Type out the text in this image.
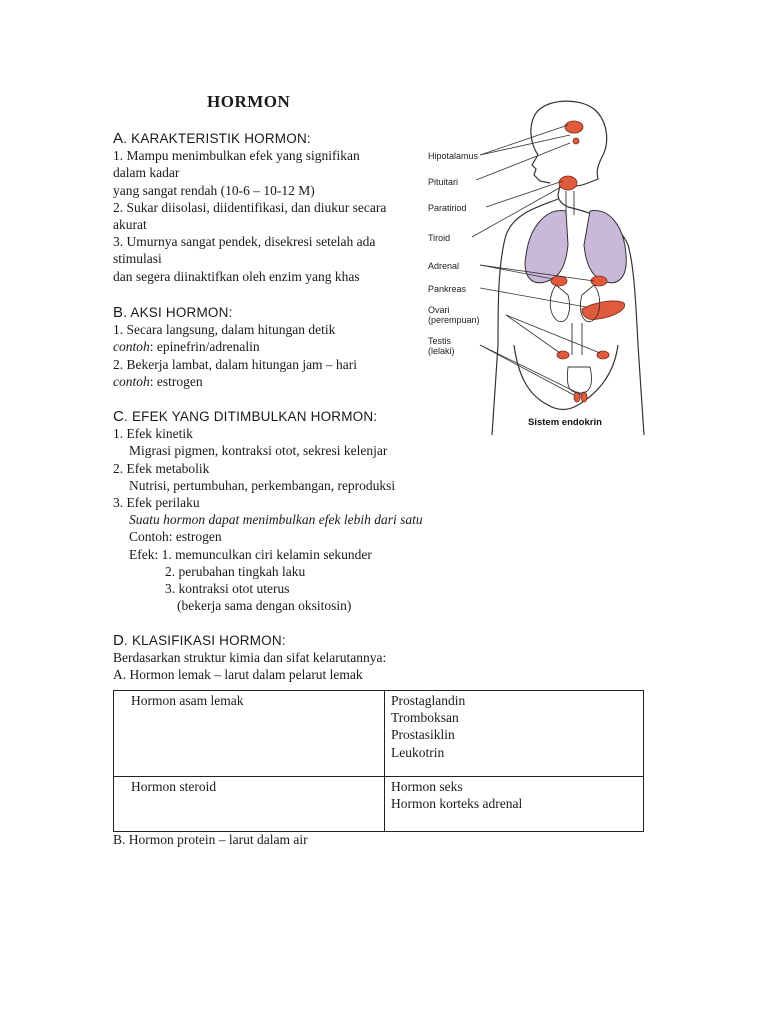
HORMON
A. KARAKTERISTIK HORMON:
1. Mampu menimbulkan efek yang signifikan
dalam kadar
yang sangat rendah (10-6 – 10-12 M)
2. Sukar diisolasi, diidentifikasi, dan diukur secara
akurat
3. Umurnya sangat pendek, disekresi setelah ada
stimulasi
dan segera diinaktifkan oleh enzim yang khas
B. AKSI HORMON:
1. Secara langsung, dalam hitungan detik
contoh: epinefrin/adrenalin
2. Bekerja lambat, dalam hitungan jam – hari
contoh: estrogen
C. EFEK YANG DITIMBULKAN HORMON:
1. Efek kinetik
Migrasi pigmen, kontraksi otot, sekresi kelenjar
2. Efek metabolik
Nutrisi, pertumbuhan, perkembangan, reproduksi
3. Efek perilaku
Suatu hormon dapat menimbulkan efek lebih dari satu
Contoh: estrogen
Efek: 1. memunculkan ciri kelamin sekunder
2. perubahan tingkah laku
3. kontraksi otot uterus
(bekerja sama dengan oksitosin)
D. KLASIFIKASI HORMON:
Berdasarkan struktur kimia dan sifat kelarutannya:
A. Hormon lemak – larut dalam pelarut lemak
Hormon asam lemak	Prostaglandin
Tromboksan
Prostasiklin
Leukotrin

Hormon steroid	Hormon seks
Hormon korteks adrenal
B. Hormon protein – larut dalam air
Hipotalamus
Pituitari
Paratiriod
Tiroid
Adrenal
Pankreas
Ovari
(perempuan)
Testis
(lelaki)
Sistem endokrin
